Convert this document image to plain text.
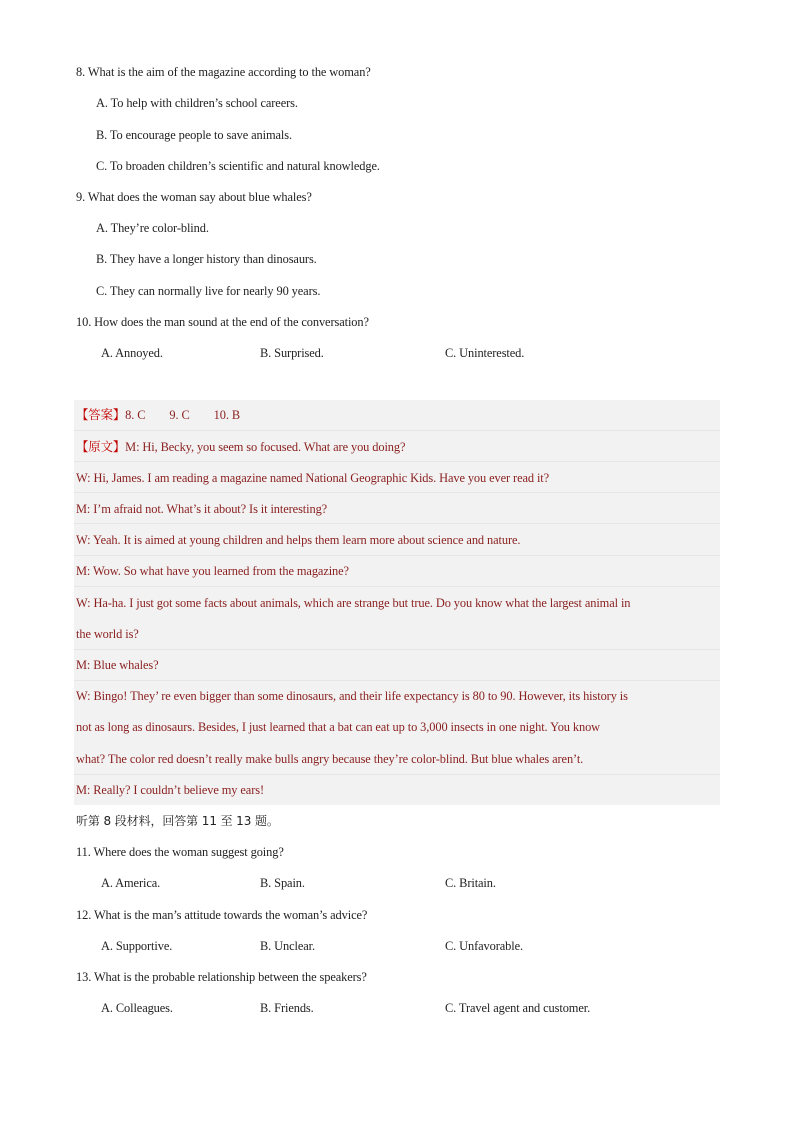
8. What is the aim of the magazine according to the woman?
A. To help with children’s school careers.
B. To encourage people to save animals.
C. To broaden children’s scientific and natural knowledge.
9. What does the woman say about blue whales?
A. They’re color-blind.
B. They have a longer history than dinosaurs.
C. They can normally live for nearly 90 years.
10. How does the man sound at the end of the conversation?
A. Annoyed.	B. Surprised.	C. Uninterested.
【答案】8. C        9. C        10. B
【原文】M: Hi, Becky, you seem so focused. What are you doing?
W: Hi, James. I am reading a magazine named National Geographic Kids. Have you ever read it?
M: I’m afraid not. What’s it about? Is it interesting?
W: Yeah. It is aimed at young children and helps them learn more about science and nature.
M: Wow. So what have you learned from the magazine?
W: Ha-ha. I just got some facts about animals, which are strange but true. Do you know what the largest animal in
the world is?
M: Blue whales?
W: Bingo! They’ re even bigger than some dinosaurs, and their life expectancy is 80 to 90. However, its history is
not as long as dinosaurs. Besides, I just learned that a bat can eat up to 3,000 insects in one night. You know
what? The color red doesn’t really make bulls angry because they’re color-blind. But blue whales aren’t.
M: Really? I couldn’t believe my ears!
听第 8 段材料，回答第 11 至 13 题。
11. Where does the woman suggest going?
A. America.	B. Spain.	C. Britain.
12. What is the man’s attitude towards the woman’s advice?
A. Supportive.	B. Unclear.	C. Unfavorable.
13. What is the probable relationship between the speakers?
A. Colleagues.	B. Friends.	C. Travel agent and customer.
